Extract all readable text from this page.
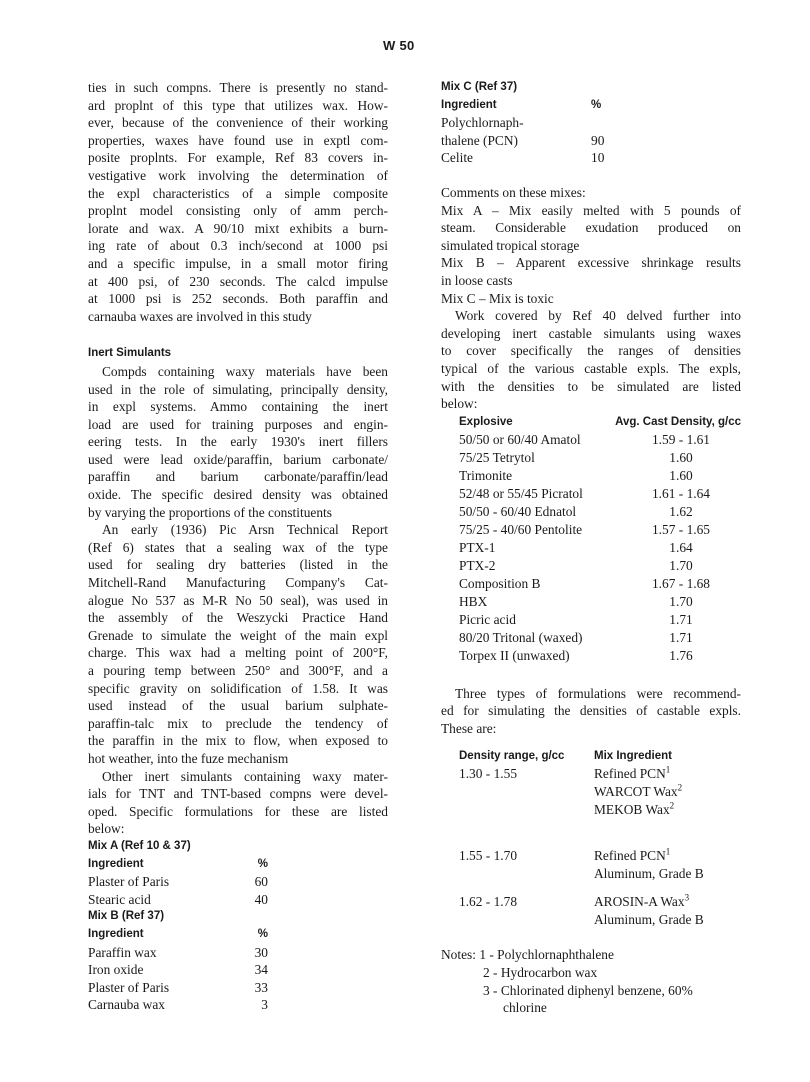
W 50
ties in such compns. There is presently no stand-
ard proplnt of this type that utilizes wax. How-
ever, because of the convenience of their working
properties, waxes have found use in exptl com-
posite proplnts. For example, Ref 83 covers in-
vestigative work involving the determination of
the expl characteristics of a simple composite
proplnt model consisting only of amm perch-
lorate and wax. A 90/10 mixt exhibits a burn-
ing rate of about 0.3 inch/second at 1000 psi
and a specific impulse, in a small motor firing
at 400 psi, of 230 seconds. The calcd impulse
at 1000 psi is 252 seconds. Both paraffin and
carnauba waxes are involved in this study
Inert Simulants
Compds containing waxy materials have been
used in the role of simulating, principally density,
in expl systems. Ammo containing the inert
load are used for training purposes and engin-
eering tests. In the early 1930's inert fillers
used were lead oxide/paraffin, barium carbonate/
paraffin and barium carbonate/paraffin/lead
oxide. The specific desired density was obtained
by varying the proportions of the constituents
An early (1936) Pic Arsn Technical Report
(Ref 6) states that a sealing wax of the type
used for sealing dry batteries (listed in the
Mitchell-Rand Manufacturing Company's Cat-
alogue No 537 as M-R No 50 seal), was used in
the assembly of the Weszycki Practice Hand
Grenade to simulate the weight of the main expl
charge. This wax had a melting point of 200°F,
a pouring temp between 250° and 300°F, and a
specific gravity on solidification of 1.58. It was
used instead of the usual barium sulphate-
paraffin-talc mix to preclude the tendency of
the paraffin in the mix to flow, when exposed to
hot weather, into the fuze mechanism
Other inert simulants containing waxy mater-
ials for TNT and TNT-based compns were devel-
oped. Specific formulations for these are listed
below:
Mix A (Ref 10 & 37)
Ingredient	%
Plaster of Paris	60
Stearic acid	40
Mix B (Ref 37)
Ingredient	%
Paraffin wax	30
Iron oxide	34
Plaster of Paris	33
Carnauba wax	3
Mix C (Ref 37)
Ingredient	%
Polychlornaph-
thalene (PCN)	90
Celite	10
Comments on these mixes:
Mix A – Mix easily melted with 5 pounds of
steam. Considerable exudation produced on
simulated tropical storage
Mix B – Apparent excessive shrinkage results
in loose casts
Mix C – Mix is toxic
Work covered by Ref 40 delved further into
developing inert castable simulants using waxes
to cover specifically the ranges of densities
typical of the various castable expls. The expls,
with the densities to be simulated are listed
below:
Explosive	Avg. Cast Density, g/cc
50/50 or 60/40 Amatol	1.59 - 1.61
75/25 Tetrytol	1.60
Trimonite	1.60
52/48 or 55/45 Picratol	1.61 - 1.64
50/50 - 60/40 Ednatol	1.62
75/25 - 40/60 Pentolite	1.57 - 1.65
PTX-1	1.64
PTX-2	1.70
Composition B	1.67 - 1.68
HBX	1.70
Picric acid	1.71
80/20 Tritonal (waxed)	1.71
Torpex II (unwaxed)	1.76
Three types of formulations were recommend-
ed for simulating the densities of castable expls.
These are:
Density range, g/cc	Mix Ingredient
1.30 - 1.55	Refined PCN$^1$
WARCOT Wax$^2$
MEKOB Wax$^2$
1.55 - 1.70	Refined PCN$^1$
Aluminum, Grade B
1.62 - 1.78	AROSIN-A Wax$^3$
Aluminum, Grade B
Notes: 1 - Polychlornaphthalene
2 - Hydrocarbon wax
3 - Chlorinated diphenyl benzene, 60%
chlorine
